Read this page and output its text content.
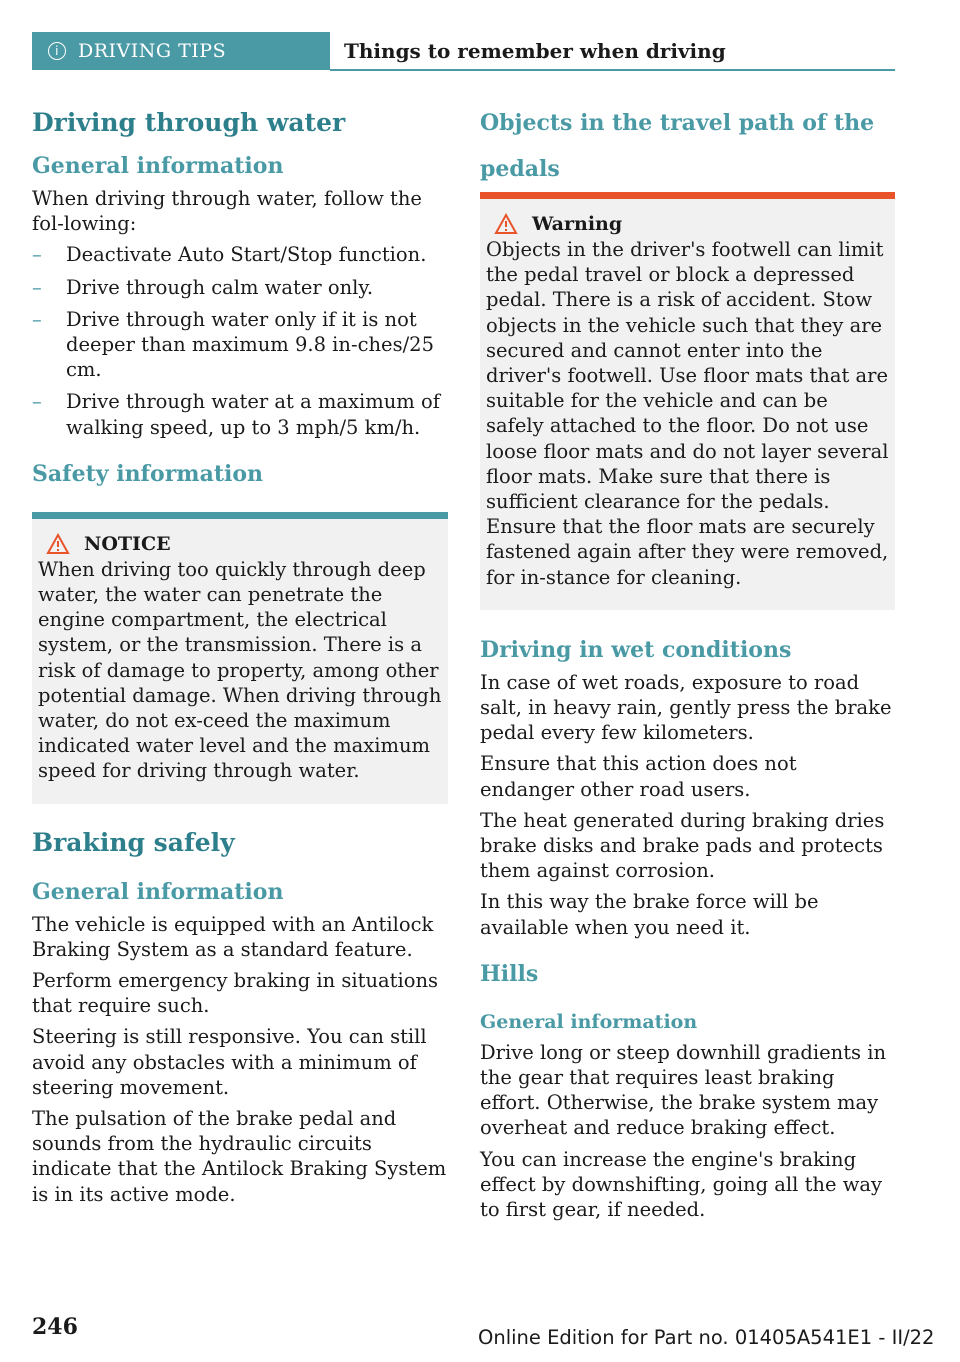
i	DRIVING TIPS	Things to remember when driving
Driving through water
General information

When driving through water, follow the fol-lowing:

– Deactivate Auto Start/Stop function.
– Drive through calm water only.
– Drive through water only if it is not deeper than maximum 9.8 in-ches/25 cm.
– Drive through water at a maximum of walking speed, up to 3 mph/5 km/h.
Safety information
NOTICE

When driving too quickly through deep water, the water can penetrate the engine compartment, the electrical system, or the transmission. There is a risk of damage to property, among other potential damage. When driving through water, do not ex-ceed the maximum indicated water level and the maximum speed for driving through water.

Braking safely
General information

The vehicle is equipped with an Antilock Braking System as a standard feature.

Perform emergency braking in situations that require such.

Steering is still responsive. You can still avoid any obstacles with a minimum of steering movement.

The pulsation of the brake pedal and sounds from the hydraulic circuits indicate that the Antilock Braking System is in its active mode.

Objects in the travel path of the pedals
Warning

Objects in the driver's footwell can limit the pedal travel or block a depressed pedal. There is a risk of accident. Stow objects in the vehicle such that they are secured and cannot enter into the driver's footwell. Use floor mats that are suitable for the vehicle and can be safely attached to the floor. Do not use loose floor mats and do not layer several floor mats. Make sure that there is sufficient clearance for the pedals. Ensure that the floor mats are securely fastened again after they were removed, for in-stance for cleaning.

Driving in wet conditions

In case of wet roads, exposure to road salt, in heavy rain, gently press the brake pedal every few kilometers.

Ensure that this action does not endanger other road users.

The heat generated during braking dries brake disks and brake pads and protects them against corrosion.

In this way the brake force will be available when you need it.

Hills
General information

Drive long or steep downhill gradients in the gear that requires least braking effort. Otherwise, the brake system may overheat and reduce braking effect.

You can increase the engine's braking effect by downshifting, going all the way to first gear, if needed.

246	Online Edition for Part no. 01405A541E1 - II/22
